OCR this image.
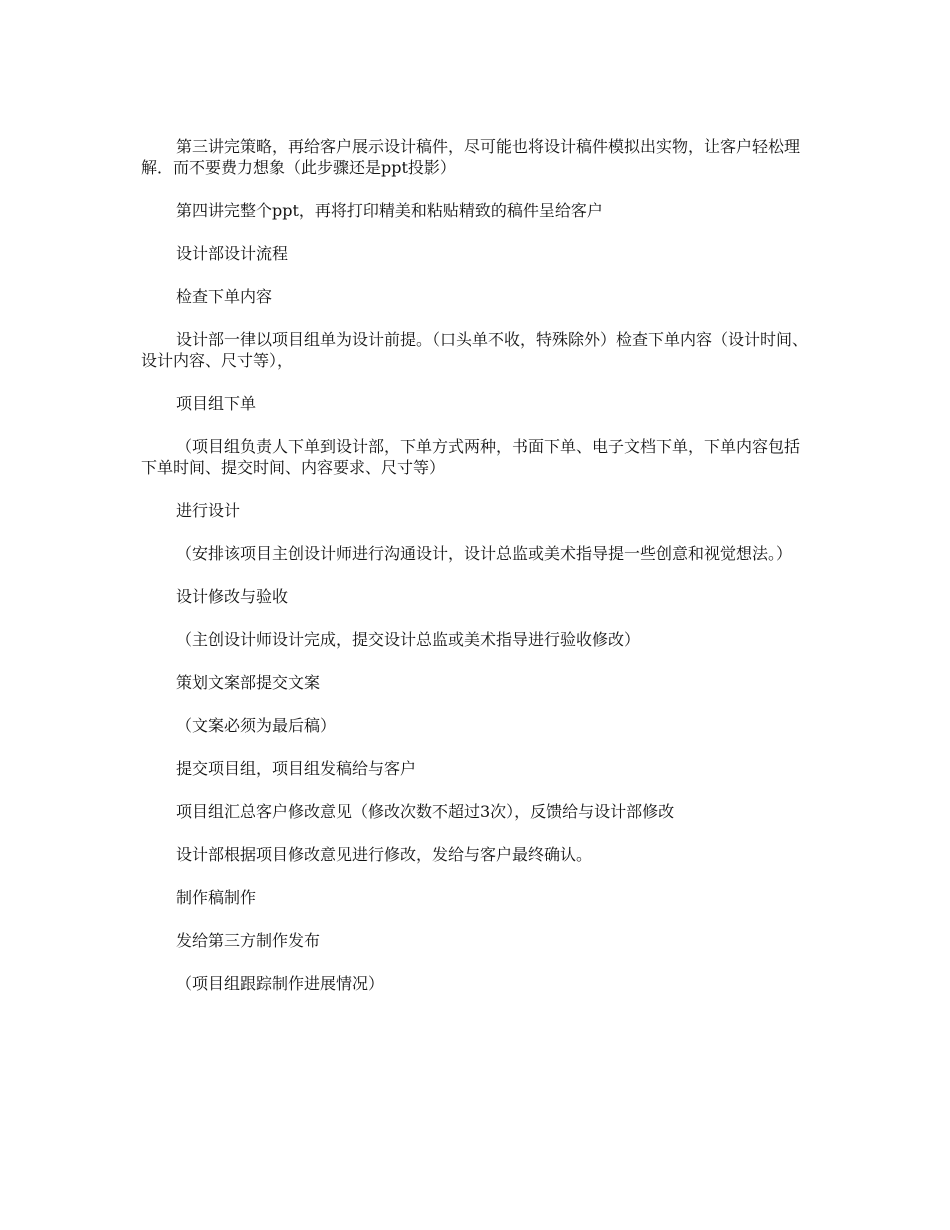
第三讲完策略，再给客户展示设计稿件，尽可能也将设计稿件模拟出实物，让客户轻松理解．而不要费力想象（此步骤还是ppt投影）

第四讲完整个ppt，再将打印精美和粘贴精致的稿件呈给客户

设计部设计流程

检查下单内容

设计部一律以项目组单为设计前提。（口头单不收，特殊除外）检查下单内容（设计时间、设计内容、尺寸等），

项目组下单

（项目组负责人下单到设计部，下单方式两种，书面下单、电子文档下单，下单内容包括下单时间、提交时间、内容要求、尺寸等）

进行设计

（安排该项目主创设计师进行沟通设计，设计总监或美术指导提一些创意和视觉想法。）

设计修改与验收

（主创设计师设计完成，提交设计总监或美术指导进行验收修改）

策划文案部提交文案

（文案必须为最后稿）

提交项目组，项目组发稿给与客户

项目组汇总客户修改意见（修改次数不超过3次），反馈给与设计部修改

设计部根据项目修改意见进行修改，发给与客户最终确认。

制作稿制作

发给第三方制作发布

（项目组跟踪制作进展情况）
